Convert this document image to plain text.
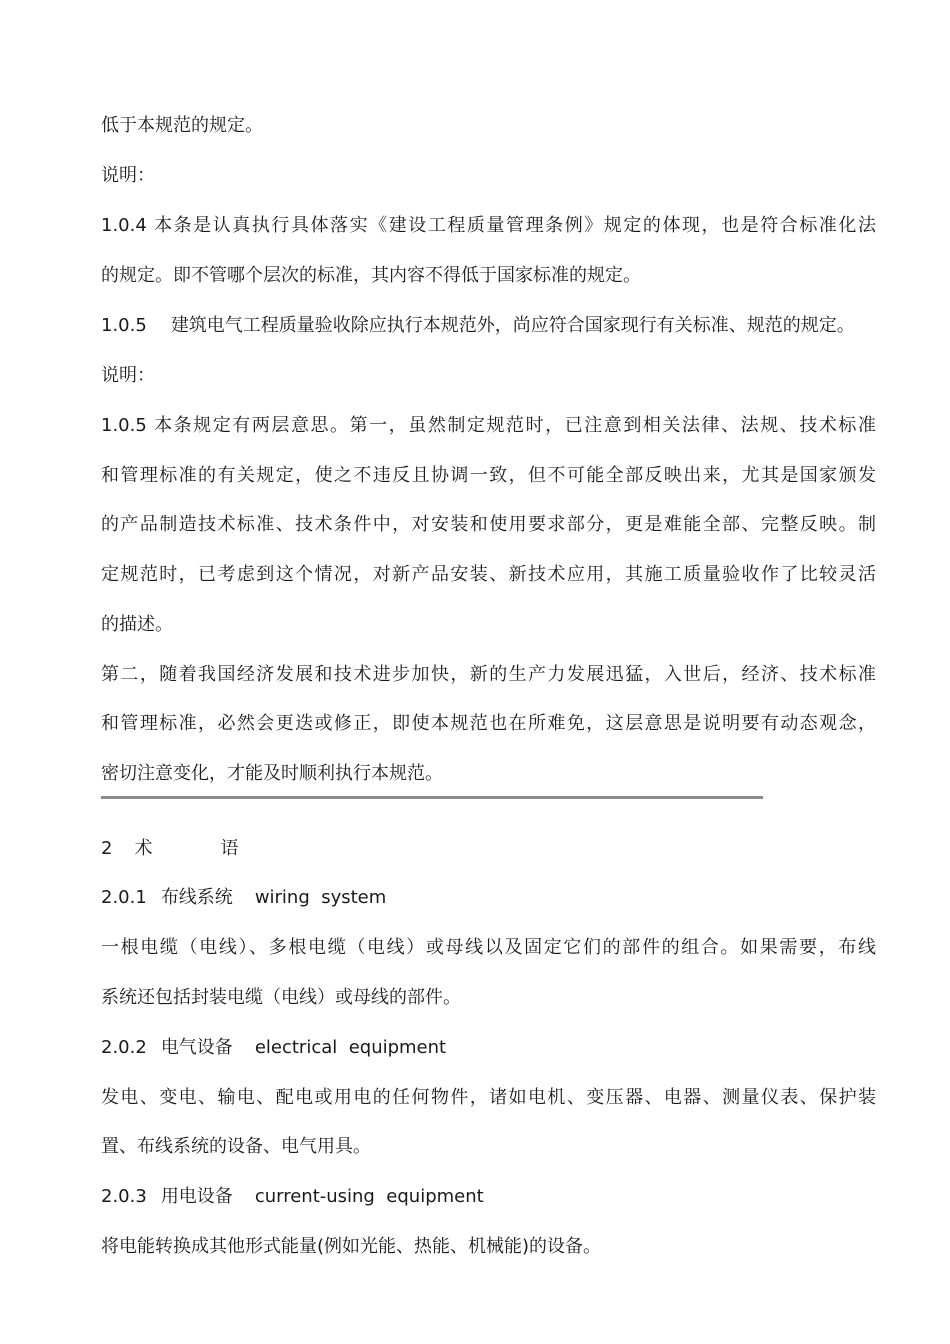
低于本规范的规定。
说明：
1.0.4 本条是认真执行具体落实《建设工程质量管理条例》规定的体现，也是符合标准化法
的规定。即不管哪个层次的标准，其内容不得低于国家标准的规定。
1.0.5 建筑电气工程质量验收除应执行本规范外，尚应符合国家现行有关标准、规范的规定。
说明：
1.0.5 本条规定有两层意思。第一，虽然制定规范时，已注意到相关法律、法规、技术标准
和管理标准的有关规定，使之不违反且协调一致，但不可能全部反映出来，尤其是国家颁发
的产品制造技术标准、技术条件中，对安装和使用要求部分，更是难能全部、完整反映。制
定规范时，已考虑到这个情况，对新产品安装、新技术应用，其施工质量验收作了比较灵活
的描述。
第二，随着我国经济发展和技术进步加快，新的生产力发展迅猛，入世后，经济、技术标准
和管理标准，必然会更迭或修正，即使本规范也在所难免，这层意思是说明要有动态观念，
密切注意变化，才能及时顺利执行本规范。
2 术	语
2.0.1 布线系统 wiring  system
一根电缆（电线）、多根电缆（电线）或母线以及固定它们的部件的组合。如果需要，布线
系统还包括封装电缆（电线）或母线的部件。
2.0.2 电气设备 electrical  equipment
发电、变电、输电、配电或用电的任何物件，诸如电机、变压器、电器、测量仪表、保护装
置、布线系统的设备、电气用具。
2.0.3 用电设备 current-using  equipment
将电能转换成其他形式能量(例如光能、热能、机械能)的设备。
